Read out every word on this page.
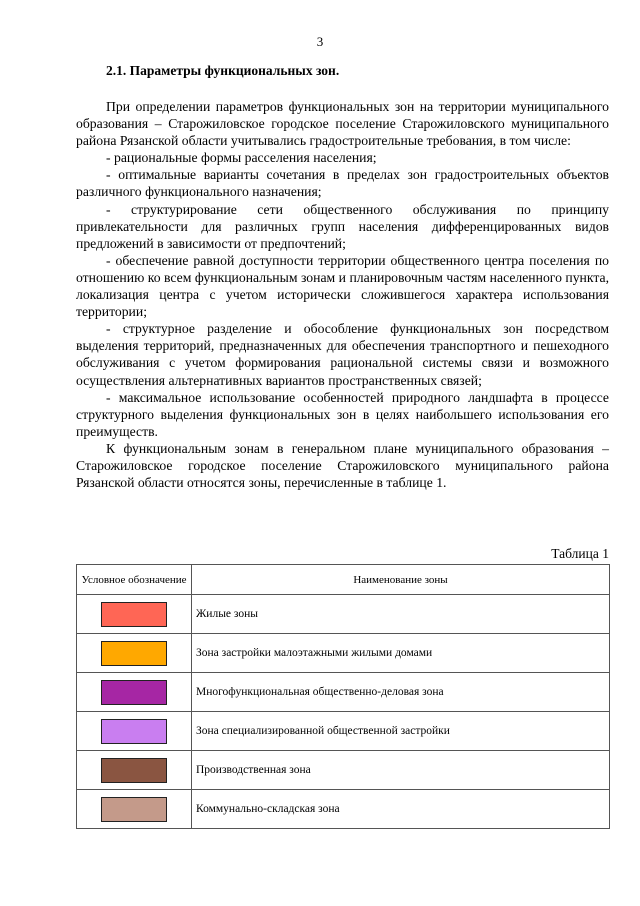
3
2.1. Параметры функциональных зон.

При определении параметров функциональных зон на территории муниципального образования – Старожиловское городское поселение Старожиловского муниципального района Рязанской области учитывались градостроительные требования, в том числе:

- рациональные формы расселения населения;

- оптимальные варианты сочетания в пределах зон градостроительных объектов различного функционального назначения;

- структурирование сети общественного обслуживания по принципу привлекательности для различных групп населения дифференцированных видов предложений в зависимости от предпочтений;

- обеспечение равной доступности территории общественного центра поселения по отношению ко всем функциональным зонам и планировочным частям населенного пункта, локализация центра с учетом исторически сложившегося характера использования территории;

- структурное разделение и обособление функциональных зон посредством выделения территорий, предназначенных для обеспечения транспортного и пешеходного обслуживания с учетом формирования рациональной системы связи и возможного осуществления альтернативных вариантов пространственных связей;

- максимальное использование особенностей природного ландшафта в процессе структурного выделения функциональных зон в целях наибольшего использования его преимуществ.

К функциональным зонам в генеральном плане муниципального образования – Старожиловское городское поселение Старожиловского муниципального района Рязанской области относятся зоны, перечисленные в таблице 1.

Таблица 1
Условное обозначение	Наименование зоны
	Жилые зоны
	Зона застройки малоэтажными жилыми домами
	Многофункциональная общественно-деловая зона
	Зона специализированной общественной застройки
	Производственная зона
	Коммунально-складская зона
